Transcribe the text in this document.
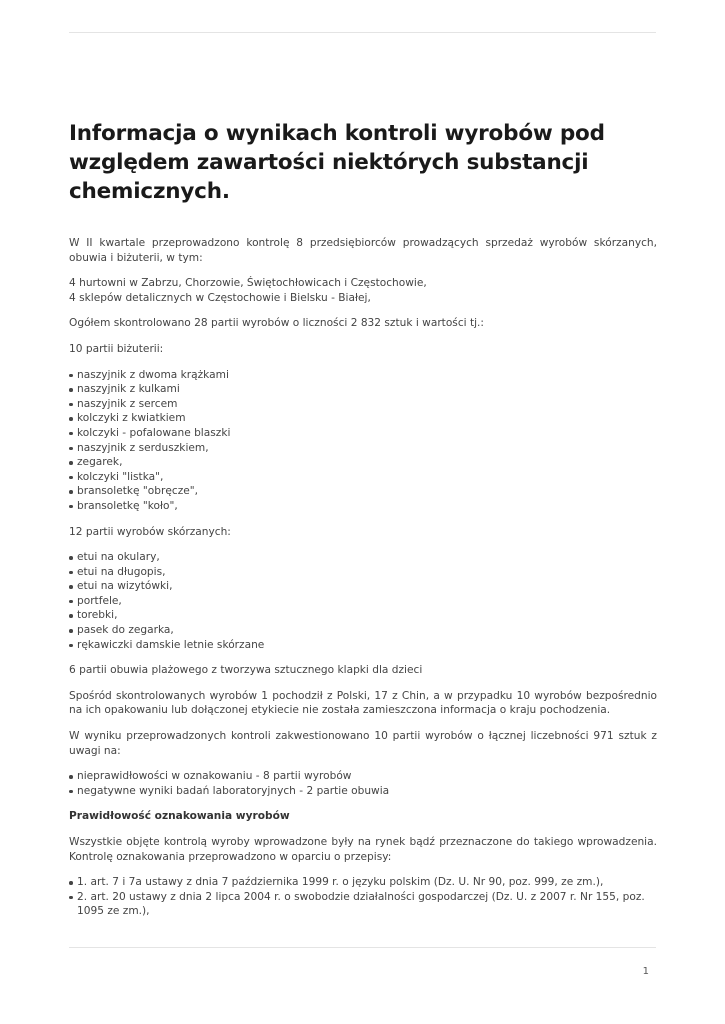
Informacja o wynikach kontroli wyrobów pod względem zawartości niektórych substancji chemicznych.

W II kwartale przeprowadzono kontrolę 8 przedsiębiorców prowadzących sprzedaż wyrobów skórzanych, obuwia i biżuterii, w tym:

4 hurtowni w Zabrzu, Chorzowie, Świętochłowicach i Częstochowie,
4 sklepów detalicznych w Częstochowie i Bielsku - Białej,

Ogółem skontrolowano 28 partii wyrobów o liczności 2 832 sztuk i wartości tj.:

10 partii biżuterii:

naszyjnik z dwoma krążkami
naszyjnik z kulkami
naszyjnik z sercem
kolczyki z kwiatkiem
kolczyki - pofalowane blaszki
naszyjnik z serduszkiem,
zegarek,
kolczyki "listka",
bransoletkę "obręcze",
bransoletkę "koło",

12 partii wyrobów skórzanych:

etui na okulary,
etui na długopis,
etui na wizytówki,
portfele,
torebki,
pasek do zegarka,
rękawiczki damskie letnie skórzane

6 partii obuwia plażowego z tworzywa sztucznego klapki dla dzieci

Spośród skontrolowanych wyrobów 1 pochodził z Polski, 17 z Chin, a w przypadku 10 wyrobów bezpośrednio na ich opakowaniu lub dołączonej etykiecie nie została zamieszczona informacja o kraju pochodzenia.

W wyniku przeprowadzonych kontroli zakwestionowano 10 partii wyrobów o łącznej liczebności 971 sztuk z uwagi na:

nieprawidłowości w oznakowaniu - 8 partii wyrobów
negatywne wyniki badań laboratoryjnych - 2 partie obuwia

Prawidłowość oznakowania wyrobów

Wszystkie objęte kontrolą wyroby wprowadzone były na rynek bądź przeznaczone do takiego wprowadzenia. Kontrolę oznakowania przeprowadzono w oparciu o przepisy:

1. art. 7 i 7a ustawy z dnia 7 października 1999 r. o języku polskim (Dz. U. Nr 90, poz. 999, ze zm.),
2. art. 20 ustawy z dnia 2 lipca 2004 r. o swobodzie działalności gospodarczej (Dz. U. z 2007 r. Nr 155, poz. 1095 ze zm.),
1
